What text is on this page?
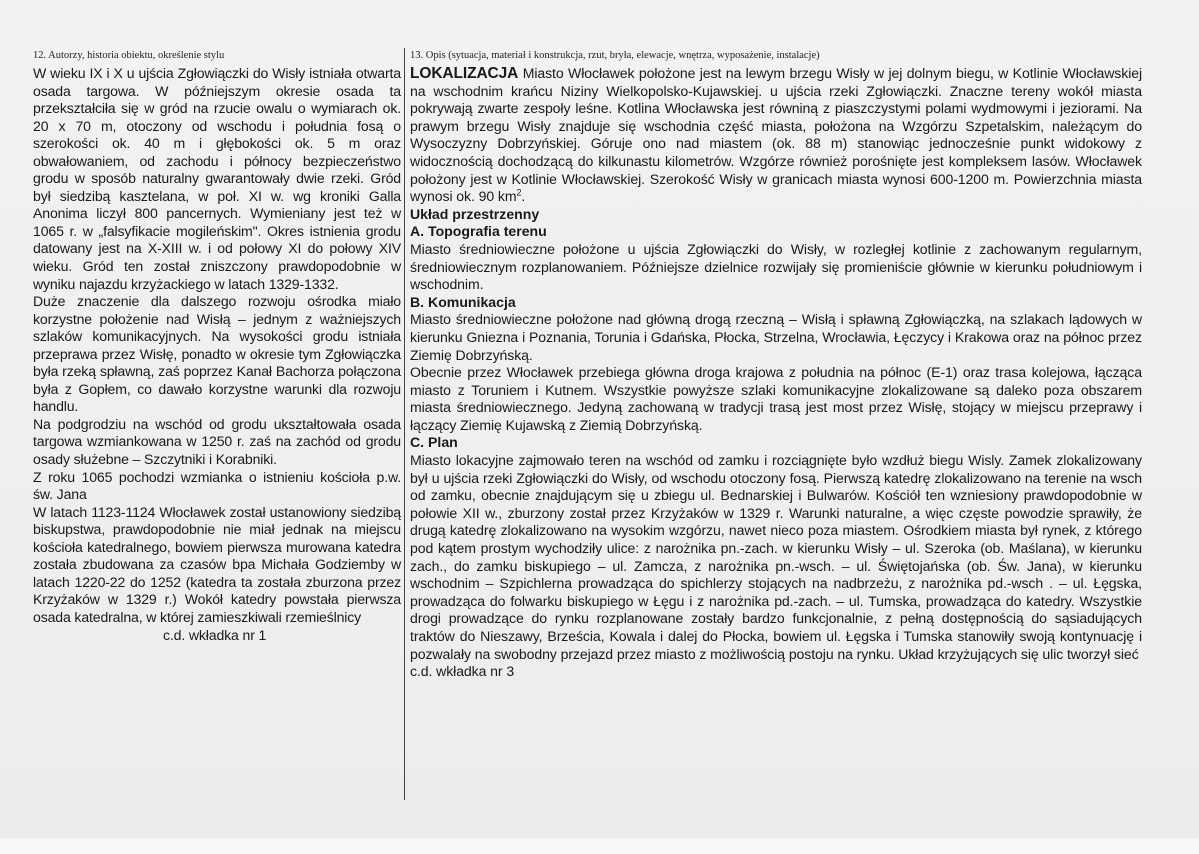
12. Autorzy, historia obiektu, określenie stylu

W wieku IX i X u ujścia Zgłowiączki do Wisły istniała otwarta osada targowa. W późniejszym okresie osada ta przekształciła się w gród na rzucie owalu o wymiarach ok. 20 x 70 m, otoczony od wschodu i południa fosą o szerokości ok. 40 m i głębokości ok. 5 m oraz obwałowaniem, od zachodu i północy bezpieczeństwo grodu w sposób naturalny gwarantowały dwie rzeki. Gród był siedzibą kasztelana, w poł. XI w. wg kroniki Galla Anonima liczył 800 pancernych. Wymieniany jest też w 1065 r. w „falsyfikacie mogileńskim". Okres istnienia grodu datowany jest na X-XIII w. i od połowy XI do połowy XIV wieku. Gród ten został zniszczony prawdopodobnie w wyniku najazdu krzyżackiego w latach 1329-1332.

Duże znaczenie dla dalszego rozwoju ośrodka miało korzystne położenie nad Wisłą – jednym z ważniejszych szlaków komunikacyjnych. Na wysokości grodu istniała przeprawa przez Wisłę, ponadto w okresie tym Zgłowiączka była rzeką spławną, zaś poprzez Kanał Bachorza połączona była z Gopłem, co dawało korzystne warunki dla rozwoju handlu.

Na podgrodziu na wschód od grodu ukształtowała osada targowa wzmiankowana w 1250 r. zaś na zachód od grodu osady służebne – Szczytniki i Korabniki.

Z roku 1065 pochodzi wzmianka o istnieniu kościoła p.w. św. Jana

W latach 1123-1124 Włocławek został ustanowiony siedzibą biskupstwa, prawdopodobnie nie miał jednak na miejscu kościoła katedralnego, bowiem pierwsza murowana katedra została zbudowana za czasów bpa Michała Godziemby w latach 1220-22 do 1252 (katedra ta została zburzona przez Krzyżaków w 1329 r.) Wokół katedry powstała pierwsza osada katedralna, w której zamieszkiwali rzemieślnicy

c.d. wkładka nr 1

13. Opis (sytuacja, materiał i konstrukcja, rzut, bryła, elewacje, wnętrza, wyposażenie, instalacje)

LOKALIZACJA Miasto Włocławek położone jest na lewym brzegu Wisły w jej dolnym biegu, w Kotlinie Włocławskiej na wschodnim krańcu Niziny Wielkopolsko-Kujawskiej. u ujścia rzeki Zgłowiączki. Znaczne tereny wokół miasta pokrywają zwarte zespoły leśne. Kotlina Włocławska jest równiną z piaszczystymi polami wydmowymi i jeziorami. Na prawym brzegu Wisły znajduje się wschodnia część miasta, położona na Wzgórzu Szpetalskim, należącym do Wysoczyzny Dobrzyńskiej. Góruje ono nad miastem (ok. 88 m) stanowiąc jednocześnie punkt widokowy z widocznością dochodzącą do kilkunastu kilometrów. Wzgórze również porośnięte jest kompleksem lasów. Włocławek położony jest w Kotlinie Włocławskiej. Szerokość Wisły w granicach miasta wynosi 600-1200 m. Powierzchnia miasta wynosi ok. 90 $km^2$.

Układ przestrzenny

A. Topografia terenu

Miasto średniowieczne położone u ujścia Zgłowiączki do Wisły, w rozległej kotlinie z zachowanym regularnym, średniowiecznym rozplanowaniem. Późniejsze dzielnice rozwijały się promieniście głównie w kierunku południowym i wschodnim.

B. Komunikacja

Miasto średniowieczne położone nad główną drogą rzeczną – Wisłą i spławną Zgłowiączką, na szlakach lądowych w kierunku Gniezna i Poznania, Torunia i Gdańska, Płocka, Strzelna, Wrocławia, Łęczycy i Krakowa oraz na północ przez Ziemię Dobrzyńską.

Obecnie przez Włocławek przebiega główna droga krajowa z południa na północ (E-1) oraz trasa kolejowa, łącząca miasto z Toruniem i Kutnem. Wszystkie powyższe szlaki komunikacyjne zlokalizowane są daleko poza obszarem miasta średniowiecznego. Jedyną zachowaną w tradycji trasą jest most przez Wisłę, stojący w miejscu przeprawy i łączący Ziemię Kujawską z Ziemią Dobrzyńską.

C. Plan

Miasto lokacyjne zajmowało teren na wschód od zamku i rozciągnięte było wzdłuż biegu Wisly. Zamek zlokalizowany był u ujścia rzeki Zgłowiączki do Wisły, od wschodu otoczony fosą. Pierwszą katedrę zlokalizowano na terenie na wsch od zamku, obecnie znajdującym się u zbiegu ul. Bednarskiej i Bulwarów. Kościół ten wzniesiony prawdopodobnie w połowie XII w., zburzony został przez Krzyżaków w 1329 r. Warunki naturalne, a więc częste powodzie sprawiły, że drugą katedrę zlokalizowano na wysokim wzgórzu, nawet nieco poza miastem. Ośrodkiem miasta był rynek, z którego pod kątem prostym wychodziły ulice: z narożnika pn.-zach. w kierunku Wisły – ul. Szeroka (ob. Maślana), w kierunku zach., do zamku biskupiego – ul. Zamcza, z narożnika pn.-wsch. – ul. Świętojańska (ob. Św. Jana), w kierunku wschodnim – Szpichlerna prowadząca do spichlerzy stojących na nadbrzeżu, z narożnika pd.-wsch . – ul. Łęgska, prowadząca do folwarku biskupiego w Łęgu i z narożnika pd.-zach. – ul. Tumska, prowadząca do katedry. Wszystkie drogi prowadzące do rynku rozplanowane zostały bardzo funkcjonalnie, z pełną dostępnością do sąsiadujących traktów do Nieszawy, Brześcia, Kowala i dalej do Płocka, bowiem ul. Łęgska i Tumska stanowiły swoją kontynuację i pozwalały na swobodny przejazd przez miasto z możliwością postoju na rynku. Układ krzyżujących się ulic tworzył sieć

c.d. wkładka nr 3
